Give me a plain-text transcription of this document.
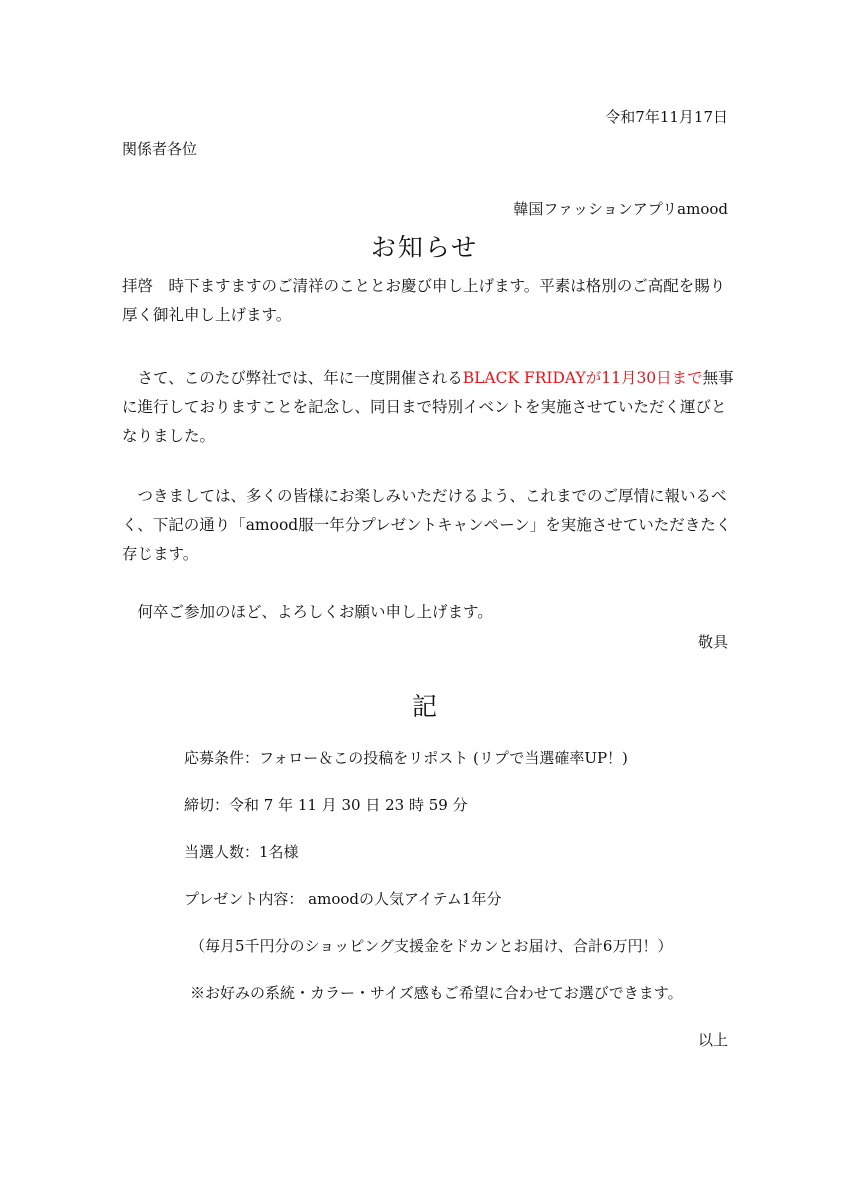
令和7年11月17日
関係者各位
韓国ファッションアプリamood
お知らせ
拝啓　時下ますますのご清祥のこととお慶び申し上げます。平素は格別のご高配を賜り厚く御礼申し上げます。
　さて、このたび弊社では、年に一度開催されるBLACK FRIDAYが11月30日まで無事に進行しておりますことを記念し、同日まで特別イベントを実施させていただく運びとなりました。
　つきましては、多くの皆様にお楽しみいただけるよう、これまでのご厚情に報いるべく、下記の通り「amood服一年分プレゼントキャンペーン」を実施させていただきたく存じます。
　何卒ご参加のほど、よろしくお願い申し上げます。
敬具
記
応募条件：フォロー＆この投稿をリポスト (リプで当選確率UP！)
締切：令和 7 年 11 月 30 日 23 時 59 分
当選人数：1名様
プレゼント内容： amoodの人気アイテム1年分
（毎月5千円分のショッピング支援金をドカンとお届け、合計6万円！）
※お好みの系統・カラー・サイズ感もご希望に合わせてお選びできます。
以上
